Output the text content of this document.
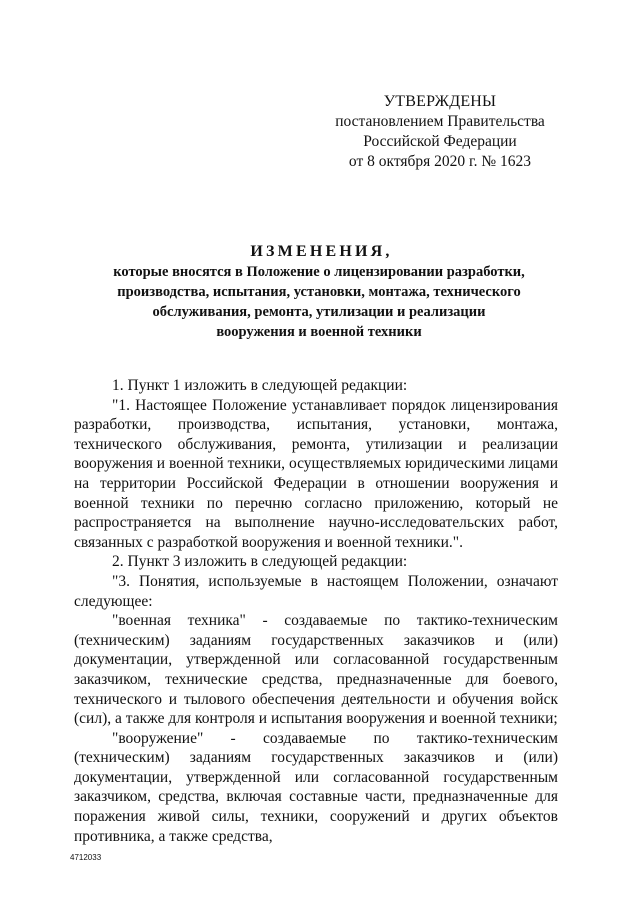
УТВЕРЖДЕНЫ
постановлением Правительства
Российской Федерации
от 8 октября 2020 г. № 1623
ИЗМЕНЕНИЯ,
которые вносятся в Положение о лицензировании разработки,
производства, испытания, установки, монтажа, технического
обслуживания, ремонта, утилизации и реализации
вооружения и военной техники

1. Пункт 1 изложить в следующей редакции:

"1. Настоящее Положение устанавливает порядок лицензирования разработки, производства, испытания, установки, монтажа, технического обслуживания, ремонта, утилизации и реализации вооружения и военной техники, осуществляемых юридическими лицами на территории Российской Федерации в отношении вооружения и военной техники по перечню согласно приложению, который не распространяется на выполнение научно-исследовательских работ, связанных с разработкой вооружения и военной техники.".

2. Пункт 3 изложить в следующей редакции:

"3. Понятия, используемые в настоящем Положении, означают следующее:

"военная техника" - создаваемые по тактико-техническим (техническим) заданиям государственных заказчиков и (или) документации, утвержденной или согласованной государственным заказчиком, технические средства, предназначенные для боевого, технического и тылового обеспечения деятельности и обучения войск (сил), а также для контроля и испытания вооружения и военной техники;

"вооружение" - создаваемые по тактико-техническим (техническим) заданиям государственных заказчиков и (или) документации, утвержденной или согласованной государственным заказчиком, средства, включая составные части, предназначенные для поражения живой силы, техники, сооружений и других объектов противника, а также средства,

4712033
